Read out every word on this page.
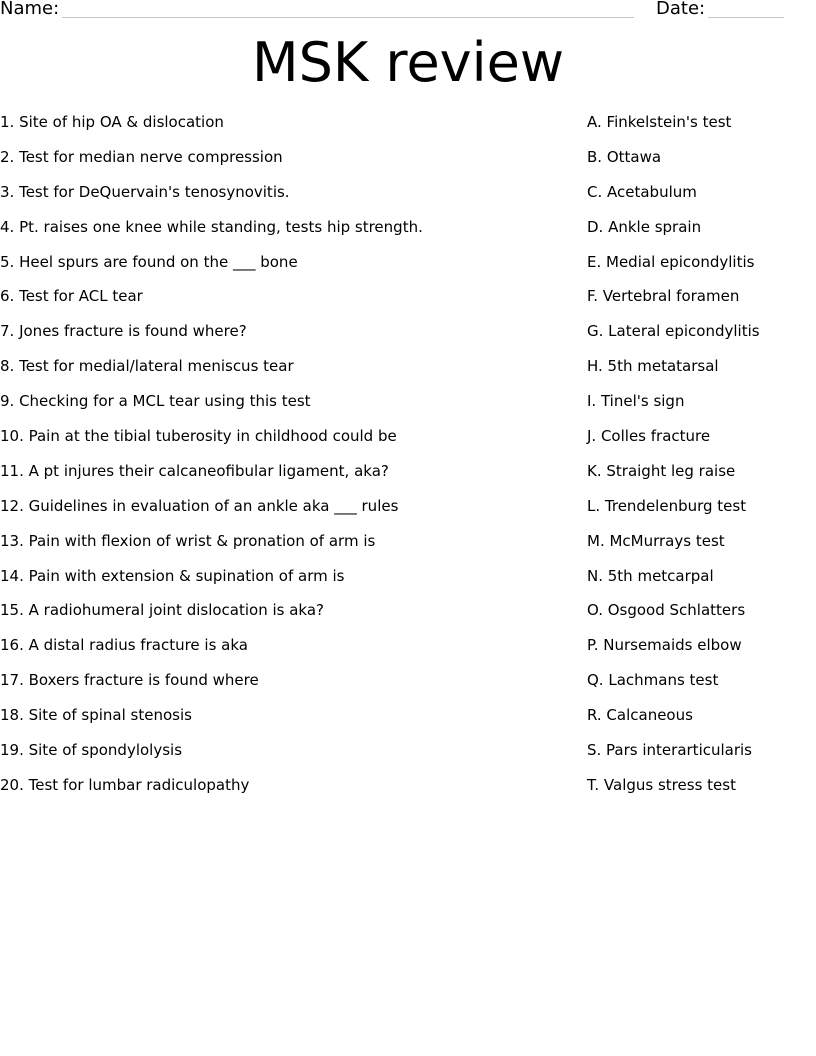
Name:	Date:
MSK review
1. Site of hip OA & dislocation
2. Test for median nerve compression
3. Test for DeQuervain's tenosynovitis.
4. Pt. raises one knee while standing, tests hip strength.
5. Heel spurs are found on the ___ bone
6. Test for ACL tear
7. Jones fracture is found where?
8. Test for medial/lateral meniscus tear
9. Checking for a MCL tear using this test
10. Pain at the tibial tuberosity in childhood could be
11. A pt injures their calcaneofibular ligament, aka?
12. Guidelines in evaluation of an ankle aka ___ rules
13. Pain with flexion of wrist & pronation of arm is
14. Pain with extension & supination of arm is
15. A radiohumeral joint dislocation is aka?
16. A distal radius fracture is aka
17. Boxers fracture is found where
18. Site of spinal stenosis
19. Site of spondylolysis
20. Test for lumbar radiculopathy
A. Finkelstein's test
B. Ottawa
C. Acetabulum
D. Ankle sprain
E. Medial epicondylitis
F. Vertebral foramen
G. Lateral epicondylitis
H. 5th metatarsal
I. Tinel's sign
J. Colles fracture
K. Straight leg raise
L. Trendelenburg test
M. McMurrays test
N. 5th metcarpal
O. Osgood Schlatters
P. Nursemaids elbow
Q. Lachmans test
R. Calcaneous
S. Pars interarticularis
T. Valgus stress test
